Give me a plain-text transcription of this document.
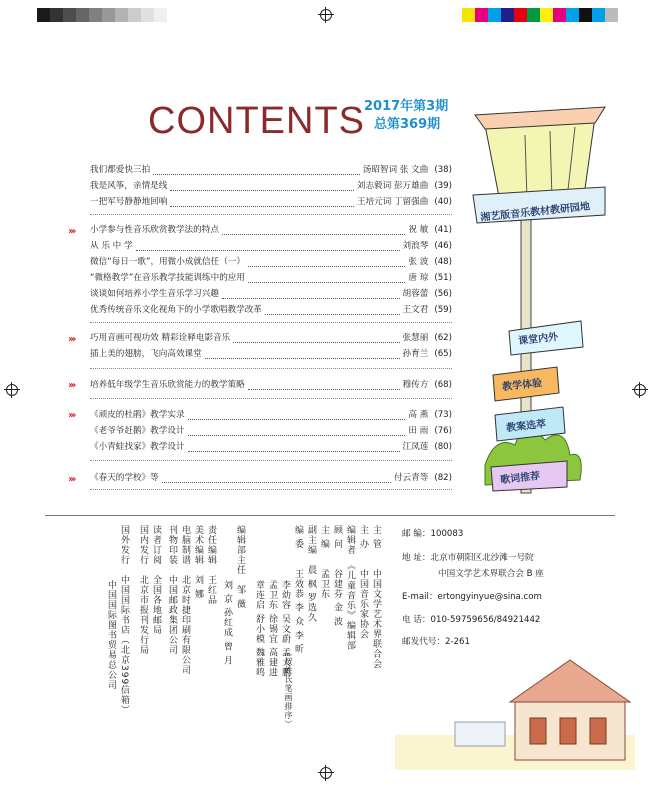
CONTENTS 2017年第3期
总第369期
湘艺版音乐教材教研园地
课堂内外
教学体验
教案选萃
歌词推荐
我们都爱快三拍	汤昭智词 张 文曲 (38)
我是风筝，亲情是线	刘志毅词 彭万雄曲 (39)
一把军号静静地回响	王培元词 丁留强曲 (40)
››› 小学参与性音乐欣赏教学法的特点	祝 敏 (41)
从 乐 中 学	刘浪琴 (46)
微信“每日一歌”，用微小成就信任（一）	张 波 (48)
“微格教学”在音乐教学技能训练中的应用	唐 琼 (51)
谈谈如何培养小学生音乐学习兴趣	胡蓉蕾 (56)
优秀传统音乐文化视角下的小学歌唱教学改革	王文君 (59)
››› 巧用音画可视功效 精彩诠释电影音乐	张慧丽 (62)
插上美的翅膀，飞向高效课堂	孙育兰 (65)
››› 培养低年级学生音乐欣赏能力的教学策略	穆传方 (68)
››› 《顽皮的杜鹃》教学实录	高 燕 (73)
《老爷爷赶鹅》教学设计	田 雨 (76)
《小青蛙找家》教学设计	江凤莲 (80)
››› 《春天的学校》等	付云青等 (82)
主 管　　中国文学艺术界联合会
主 办　　中国音乐家协会
编辑者　《儿童音乐》编辑部
顾 问　　谷建芬 金 波
主 编　　孟卫东
副主编　晨 枫 罗选久
编 委　　王效恭 李 众 李 昕
李幼容 吴文蔚 孟大鹏
孟卫东 徐锡宜 高建进
章连启 舒小模 魏雅鸣
（按姓氏笔画排序）
编辑部主任　邹 薇
刘 京 孙红成 曾 月
责任编辑　王红品
美术编辑　刘 娜
电脑制谱　北京时捷印刷有限公司
刊物印装　中国邮政集团公司
读者订阅　全国各地邮局
国内发行　北京市报刊发行局
国外发行　中国国际书店（北京399信箱）
中国国际图书贸易总公司
邮 编：100083
地 址：北京市朝阳区北沙滩一号院
中国文学艺术界联合会 B 座
E-mail：ertongyinyue@sina.com
电 话：010-59759656/84921442
邮发代号：2-261
